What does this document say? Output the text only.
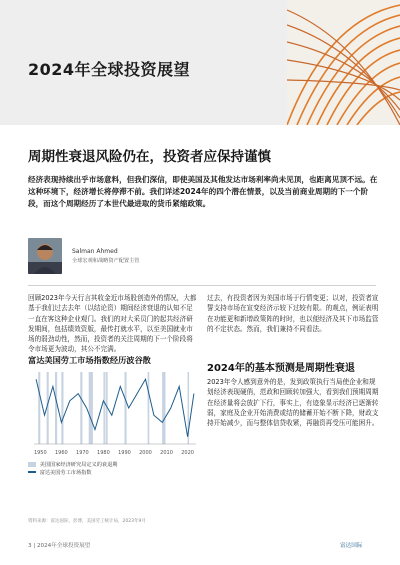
2024年全球投资展望
周期性衰退风险仍在，投资者应保持谨慎
经济表现持续出乎市场意料，但我们深信，即使美国及其他发达市场利率尚未见顶，也距离见顶不远。在这种环境下，经济增长将停滞不前。我们详述2024年的四个潜在情景，以及当前商业周期的下一个阶段，而这个周期经历了本世代最进取的货币紧缩政策。
Salman Ahmed
全球宏观和战略资产配置主管
回顾2023年今天行言其收金近市场股创造外的情况，大都基于我们过去去年（以结论资）期间经济衰退的认知不足一直在客这种企业观门。我们的对大采员门的起共经济研发期间，包括绩效资版，最传打就水平，以至美国就业市场的弱劲动性，然而，投资者的关注周期的下一个阶段将令市场更为波动，其公不完满。
过去，有投资者因为美国市场于行情变更；以对，投资者宣誓支持市场在宣变经济示较下过较有限。的观点，例证表明在功能更和新增政策阵的时时，也以便经济及其下市场监管的不定状态。然而，我们兼持不同看法。
2024年的基本预测是周期性衰退
2023年令人感到意外的是，发到政策执行当局使企业和规划经济表现硬俏，范政和回顾转加强大，看到我们预期周期在经济量将会放扩下行，事实上，有迹象显示经济已逐渐转弱，家庭及企业开始消费或结的储蓄开始不断下降，财政支持开始减少，而与整体信贷收紧，再融资再受压可能困升。
富达美国劳工市场指数经历波谷散
1950 1960 1970 1980 1990 2000 2010 2020
美国国家经济研究局定义的衰退期
富达美国劳工市场指数
资料来源：富达国际，彭博，美国劳工统计局，2023年9月
3 | 2024年全球投资展望	富达国际
